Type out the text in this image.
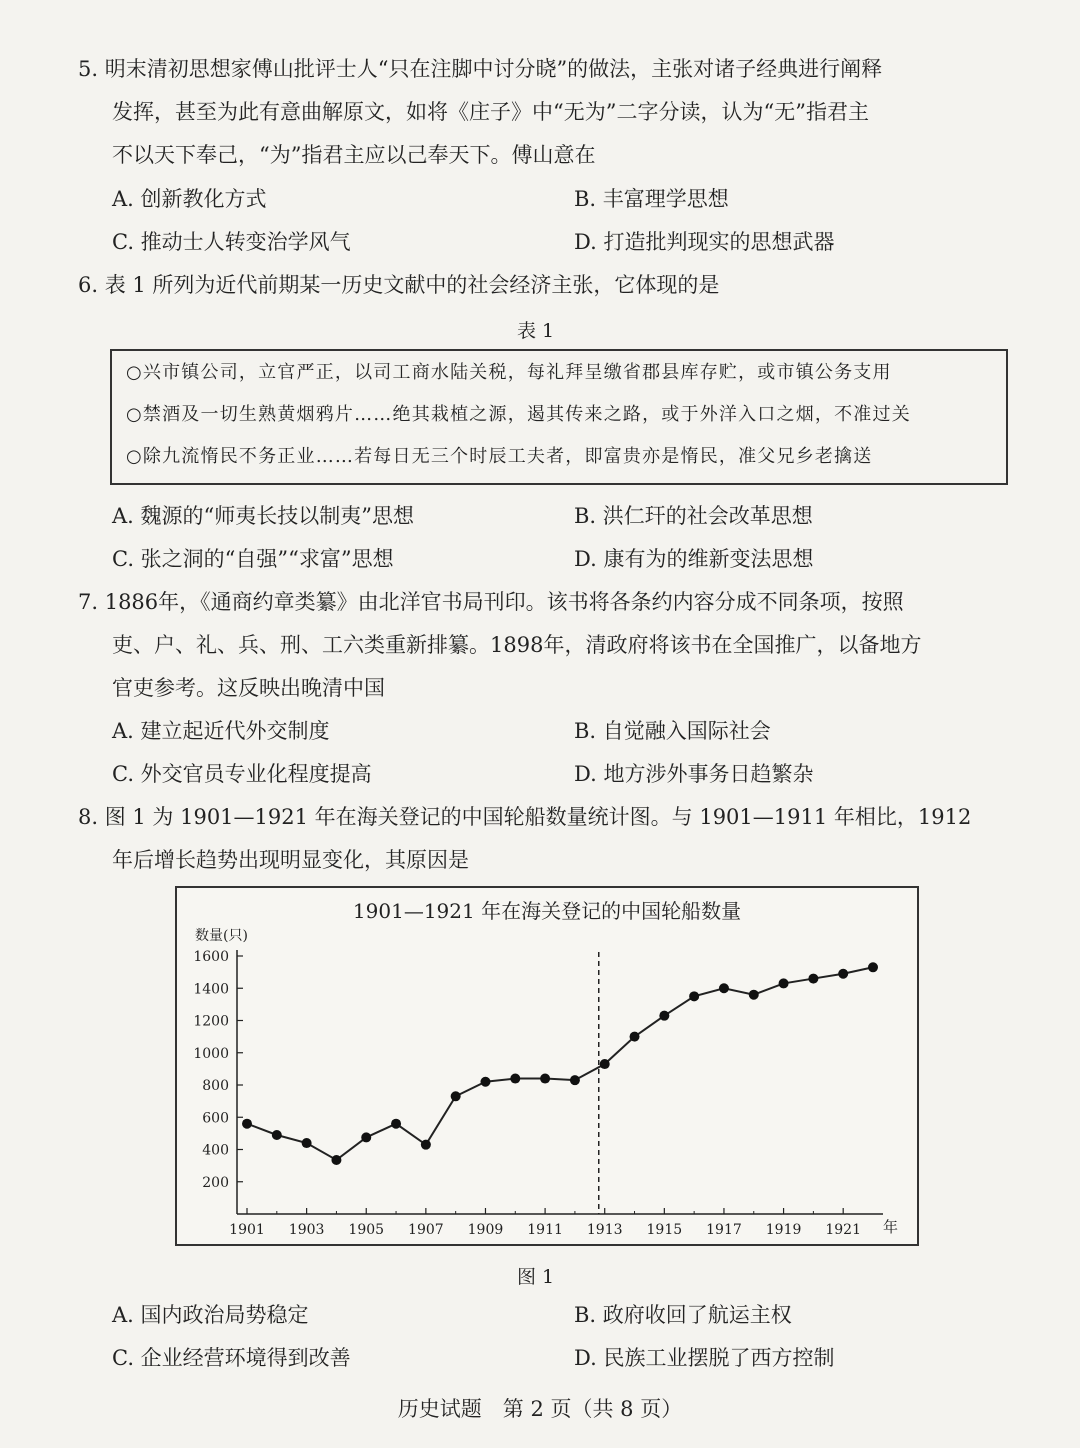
5. 明末清初思想家傅山批评士人“只在注脚中讨分晓”的做法，主张对诸子经典进行阐释
发挥，甚至为此有意曲解原文，如将《庄子》中“无为”二字分读，认为“无”指君主
不以天下奉己，“为”指君主应以己奉天下。傅山意在
A. 创新教化方式	B. 丰富理学思想
C. 推动士人转变治学风气	D. 打造批判现实的思想武器
6. 表 1 所列为近代前期某一历史文献中的社会经济主张，它体现的是
表 1
○兴市镇公司，立官严正，以司工商水陆关税，每礼拜呈缴省郡县库存贮，或市镇公务支用
○禁酒及一切生熟黄烟鸦片……绝其栽植之源，遏其传来之路，或于外洋入口之烟，不准过关
○除九流惰民不务正业……若每日无三个时辰工夫者，即富贵亦是惰民，准父兄乡老擒送
A. 魏源的“师夷长技以制夷”思想	B. 洪仁玕的社会改革思想
C. 张之洞的“自强”“求富”思想	D. 康有为的维新变法思想
7. 1886年，《通商约章类纂》由北洋官书局刊印。该书将各条约内容分成不同条项，按照
吏、户、礼、兵、刑、工六类重新排纂。1898年，清政府将该书在全国推广，以备地方
官吏参考。这反映出晚清中国
A. 建立起近代外交制度	B. 自觉融入国际社会
C. 外交官员专业化程度提高	D. 地方涉外事务日趋繁杂
8. 图 1 为 1901—1921 年在海关登记的中国轮船数量统计图。与 1901—1911 年相比，1912
年后增长趋势出现明显变化，其原因是
1901—1921 年在海关登记的中国轮船数量
数量(只)
年
200
400
600
800
1000
1200
1400
1600
1901 1903 1905 1907 1909 1911 1913 1915 1917 1919 1921
图 1
A. 国内政治局势稳定	B. 政府收回了航运主权
C. 企业经营环境得到改善	D. 民族工业摆脱了西方控制
历史试题　第 2 页（共 8 页）
